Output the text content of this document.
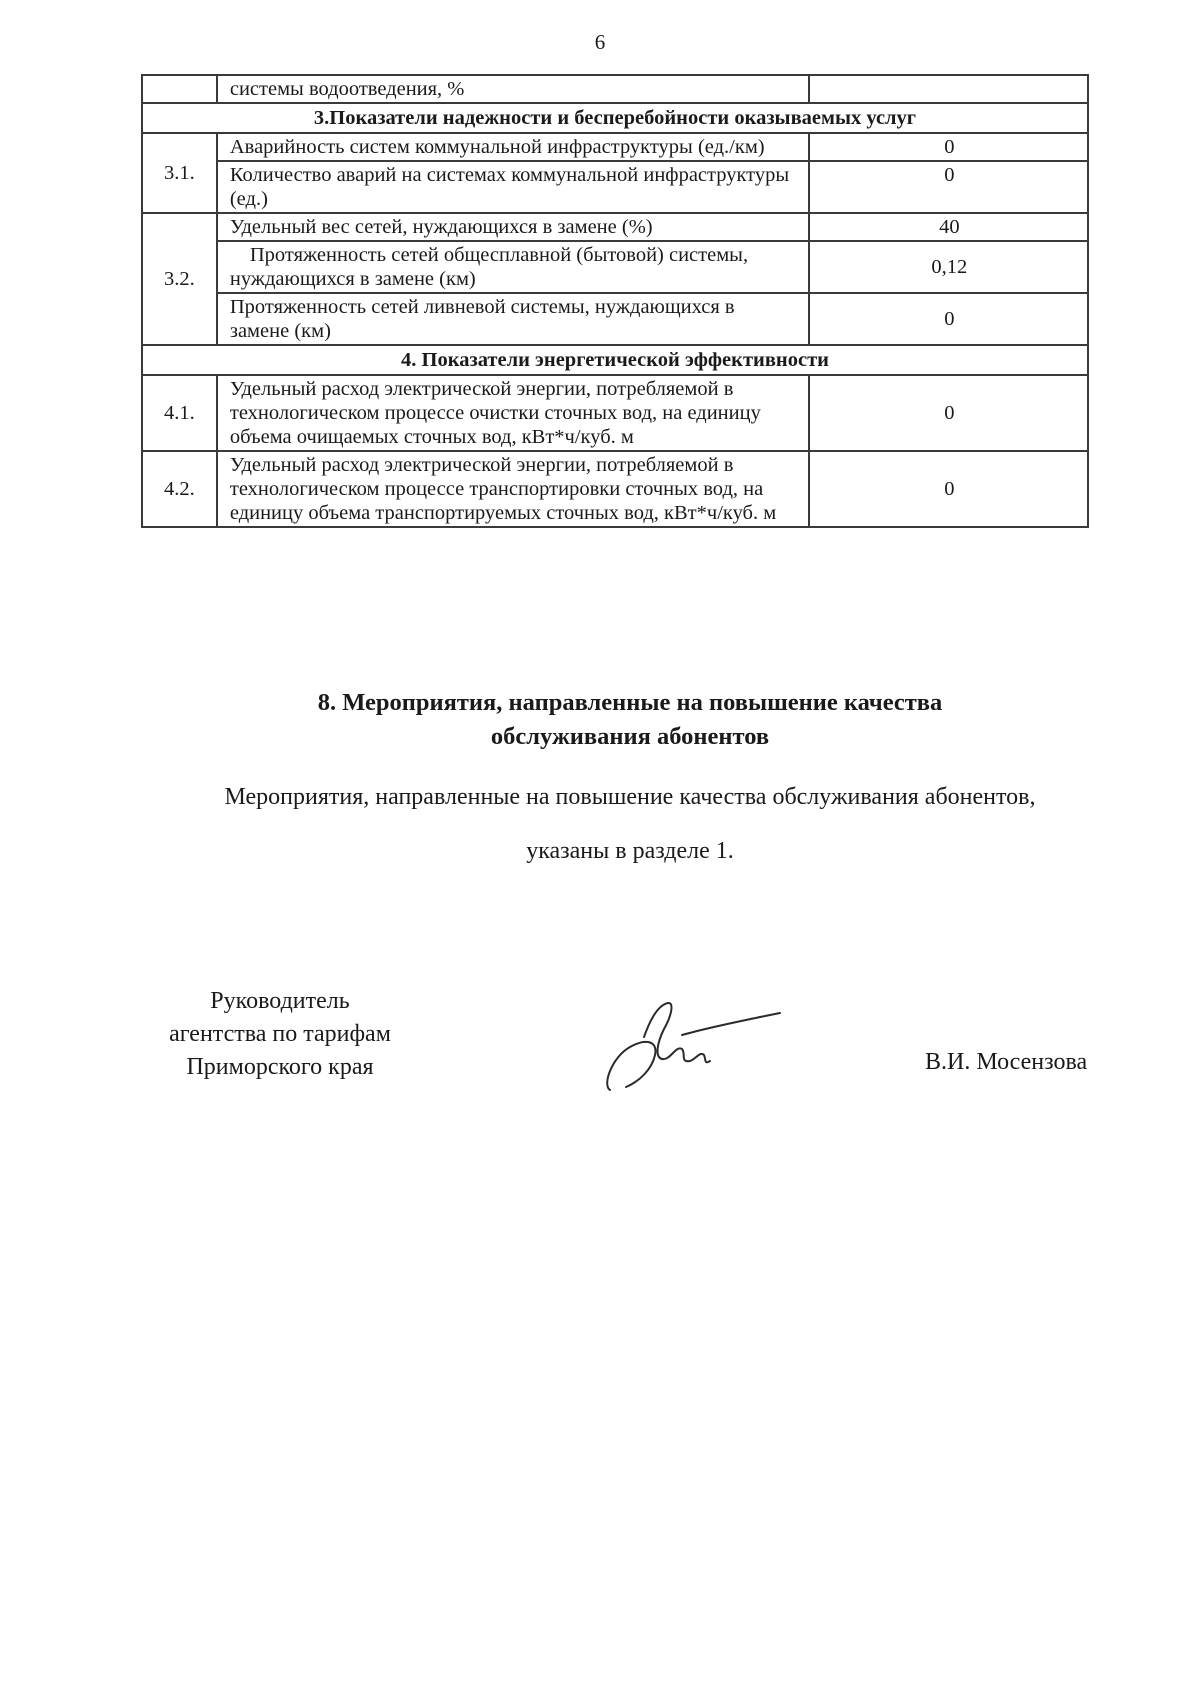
6
	системы водоотведения, %	
3.Показатели надежности и бесперебойности оказываемых услуг		
3.1.	Аварийность систем коммунальной инфраструктуры (ед./км)	0
	Количество аварий на системах коммунальной инфраструктуры (ед.)	0
3.2.	Удельный вес сетей, нуждающихся в замене (%)	40
	Протяженность сетей общесплавной (бытовой) системы, нуждающихся в замене (км)	0,12
	Протяженность сетей ливневой системы, нуждающихся в замене (км)	0
4. Показатели энергетической эффективности		
4.1.	Удельный расход электрической энергии, потребляемой в технологическом процессе очистки сточных вод, на единицу объема очищаемых сточных вод, кВт*ч/куб. м	0
4.2.	Удельный расход электрической энергии, потребляемой в технологическом процессе транспортировки сточных вод, на единицу объема транспортируемых сточных вод, кВт*ч/куб. м	0
8. Мероприятия, направленные на повышение качества
обслуживания абонентов
Мероприятия, направленные на повышение качества обслуживания абонентов,
указаны в разделе 1.
Руководитель
агентства по тарифам
Приморского края	В.И. Мосензова
